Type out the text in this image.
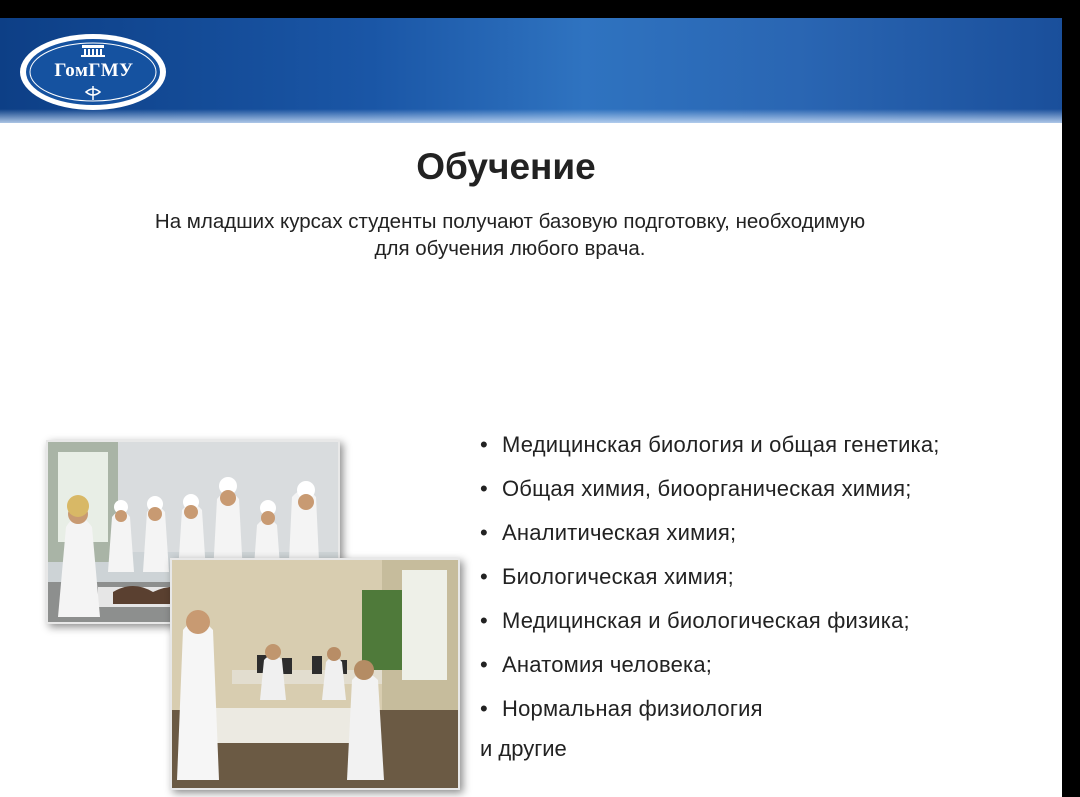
ГомГМУ
Обучение
На младших курсах студенты получают базовую подготовку, необходимую
для обучения любого врача.
• Медицинская биология и общая генетика;
• Общая химия, биоорганическая химия;
• Аналитическая химия;
• Биологическая химия;
• Медицинская и биологическая физика;
• Анатомия человека;
• Нормальная физиология
и другие
